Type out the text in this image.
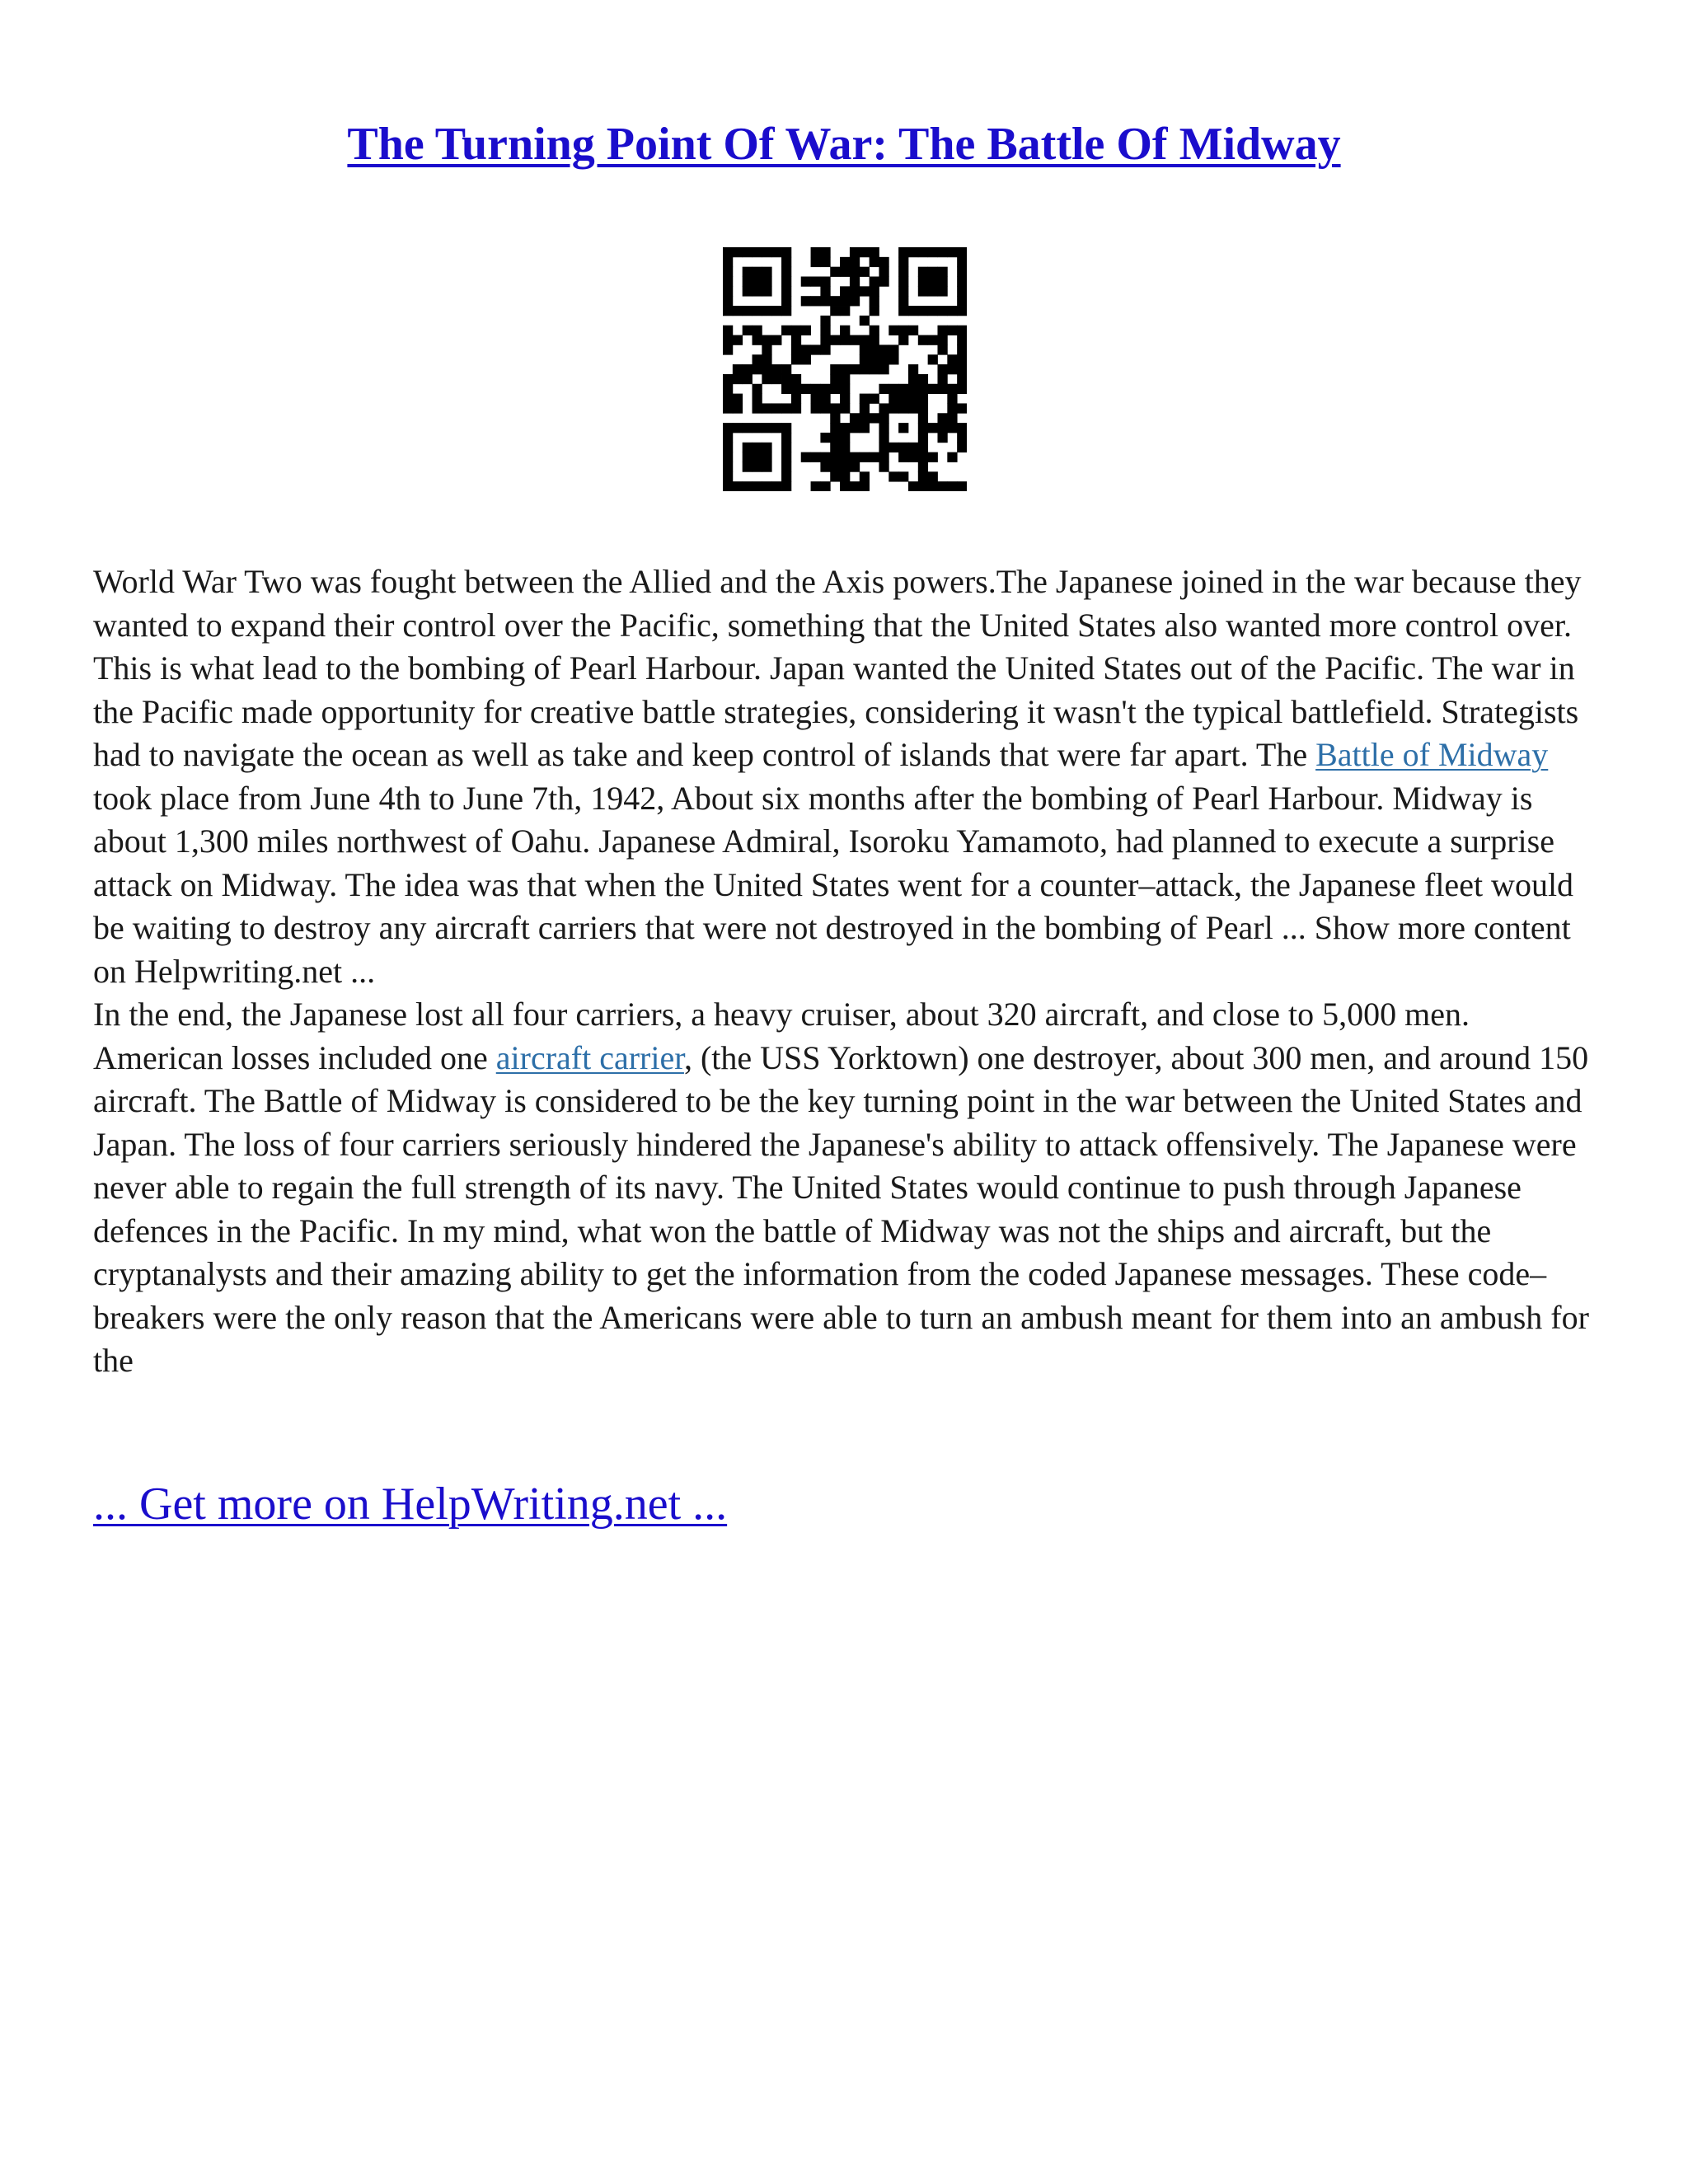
The Turning Point Of War: The Battle Of Midway

World War Two was fought between the Allied and the Axis powers.The Japanese joined in the war because they wanted to expand their control over the Pacific, something that the United States also wanted more control over. This is what lead to the bombing of Pearl Harbour. Japan wanted the United States out of the Pacific. The war in the Pacific made opportunity for creative battle strategies, considering it wasn't the typical battlefield. Strategists had to navigate the ocean as well as take and keep control of islands that were far apart. The Battle of Midway took place from June 4th to June 7th, 1942, About six months after the bombing of Pearl Harbour. Midway is about 1,300 miles northwest of Oahu. Japanese Admiral, Isoroku Yamamoto, had planned to execute a surprise attack on Midway. The idea was that when the United States went for a counter–attack, the Japanese fleet would be waiting to destroy any aircraft carriers that were not destroyed in the bombing of Pearl ... Show more content on Helpwriting.net ...

In the end, the Japanese lost all four carriers, a heavy cruiser, about 320 aircraft, and close to 5,000 men. American losses included one aircraft carrier, (the USS Yorktown) one destroyer, about 300 men, and around 150 aircraft. The Battle of Midway is considered to be the key turning point in the war between the United States and Japan. The loss of four carriers seriously hindered the Japanese's ability to attack offensively. The Japanese were never able to regain the full strength of its navy. The United States would continue to push through Japanese defences in the Pacific. In my mind, what won the battle of Midway was not the ships and aircraft, but the cryptanalysts and their amazing ability to get the information from the coded Japanese messages. These code–breakers were the only reason that the Americans were able to turn an ambush meant for them into an ambush for the

... Get more on HelpWriting.net ...
